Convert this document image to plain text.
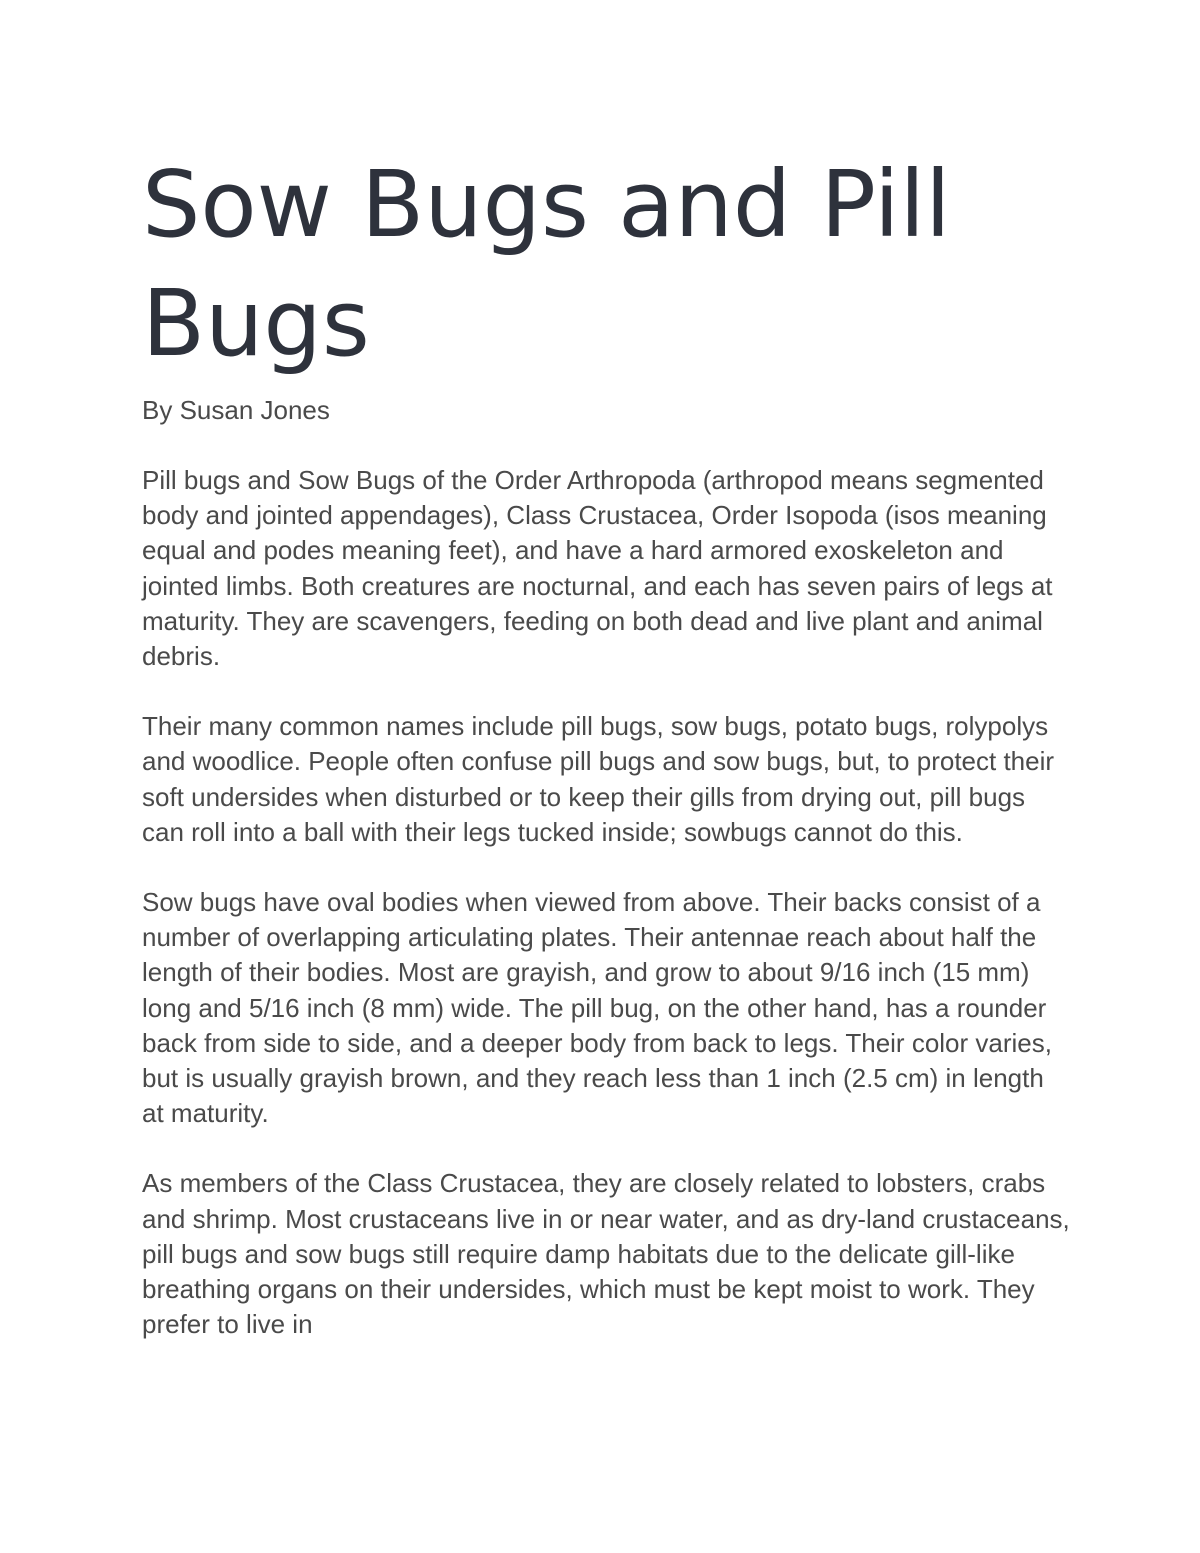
Sow Bugs and Pill Bugs

By Susan Jones

Pill bugs and Sow Bugs of the Order Arthropoda (arthropod means segmented body and jointed appendages), Class Crustacea, Order Isopoda (isos meaning equal and podes meaning feet), and have a hard armored exoskeleton and jointed limbs. Both creatures are nocturnal, and each has seven pairs of legs at maturity. They are scavengers, feeding on both dead and live plant and animal debris.

Their many common names include pill bugs, sow bugs, potato bugs, rolypolys and woodlice. People often confuse pill bugs and sow bugs, but, to protect their soft undersides when disturbed or to keep their gills from drying out, pill bugs can roll into a ball with their legs tucked inside; sowbugs cannot do this.

Sow bugs have oval bodies when viewed from above. Their backs consist of a number of overlapping articulating plates. Their antennae reach about half the length of their bodies. Most are grayish, and grow to about 9/16 inch (15 mm) long and 5/16 inch (8 mm) wide. The pill bug, on the other hand, has a rounder back from side to side, and a deeper body from back to legs. Their color varies, but is usually grayish brown, and they reach less than 1 inch (2.5 cm) in length at maturity.

As members of the Class Crustacea, they are closely related to lobsters, crabs and shrimp. Most crustaceans live in or near water, and as dry-land crustaceans, pill bugs and sow bugs still require damp habitats due to the delicate gill-like breathing organs on their undersides, which must be kept moist to work. They prefer to live in
